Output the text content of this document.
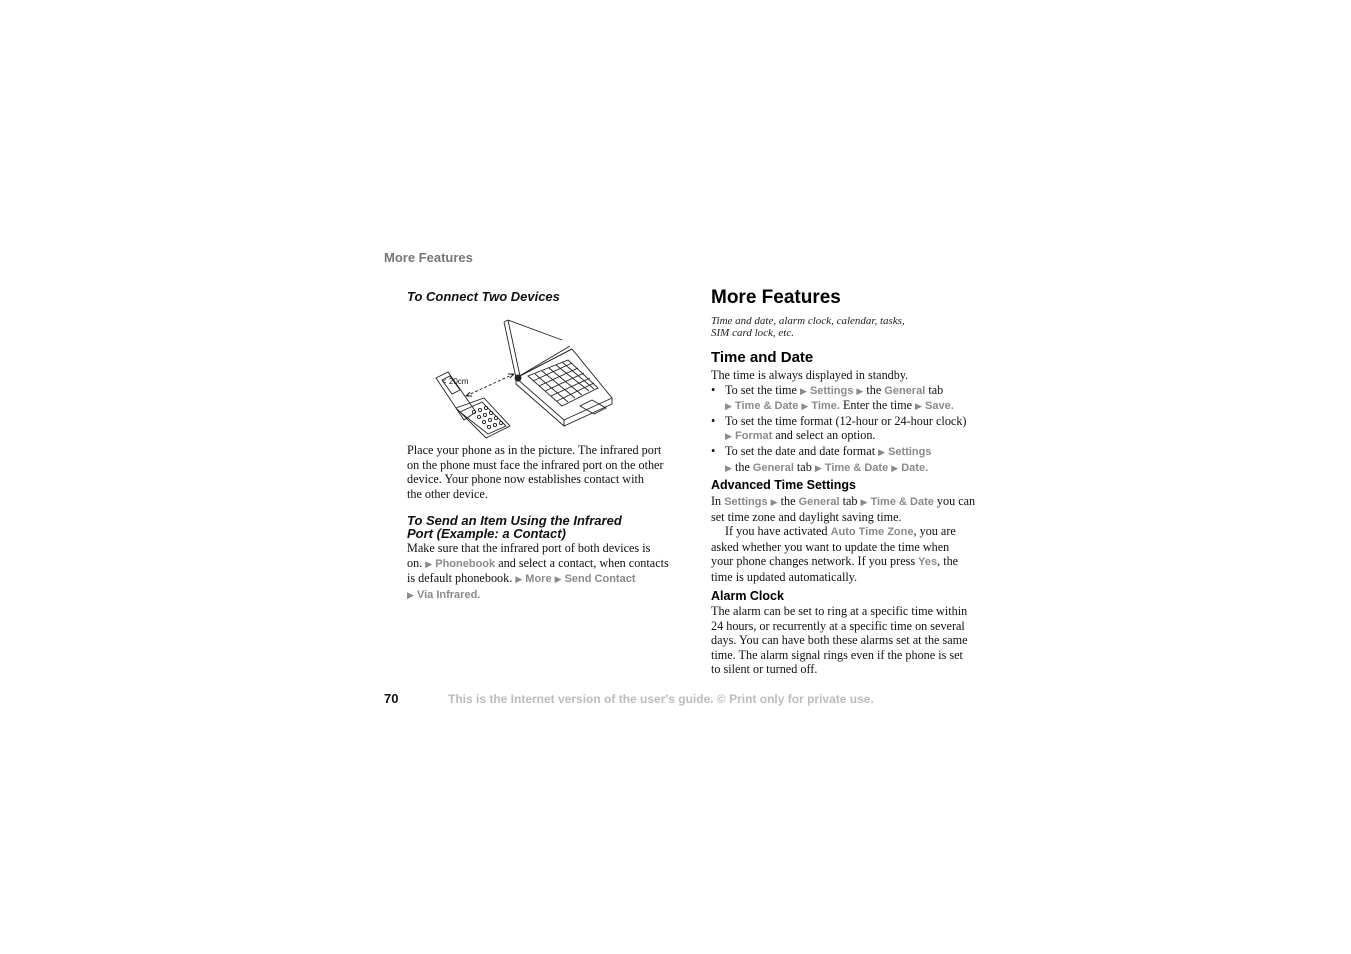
More Features
To Connect Two Devices
< 20cm
Place your phone as in the picture. The infrared port
on the phone must face the infrared port on the other
device. Your phone now establishes contact with
the other device.
To Send an Item Using the Infrared
Port (Example: a Contact)
Make sure that the infrared port of both devices is
on. ▶ Phonebook and select a contact, when contacts
is default phonebook. ▶ More ▶ Send Contact
▶ Via Infrared.
More Features
Time and date, alarm clock, calendar, tasks,
SIM card lock, etc.
Time and Date
The time is always displayed in standby.
• To set the time ▶ Settings ▶ the General tab
▶ Time & Date ▶ Time. Enter the time ▶ Save.
• To set the time format (12-hour or 24-hour clock)
▶ Format and select an option.
• To set the date and date format ▶ Settings
▶ the General tab ▶ Time & Date ▶ Date.
Advanced Time Settings
In Settings ▶ the General tab ▶ Time & Date you can
set time zone and daylight saving time.
If you have activated Auto Time Zone, you are
asked whether you want to update the time when
your phone changes network. If you press Yes, the
time is updated automatically.
Alarm Clock
The alarm can be set to ring at a specific time within
24 hours, or recurrently at a specific time on several
days. You can have both these alarms set at the same
time. The alarm signal rings even if the phone is set
to silent or turned off.
70	This is the Internet version of the user's guide. © Print only for private use.
